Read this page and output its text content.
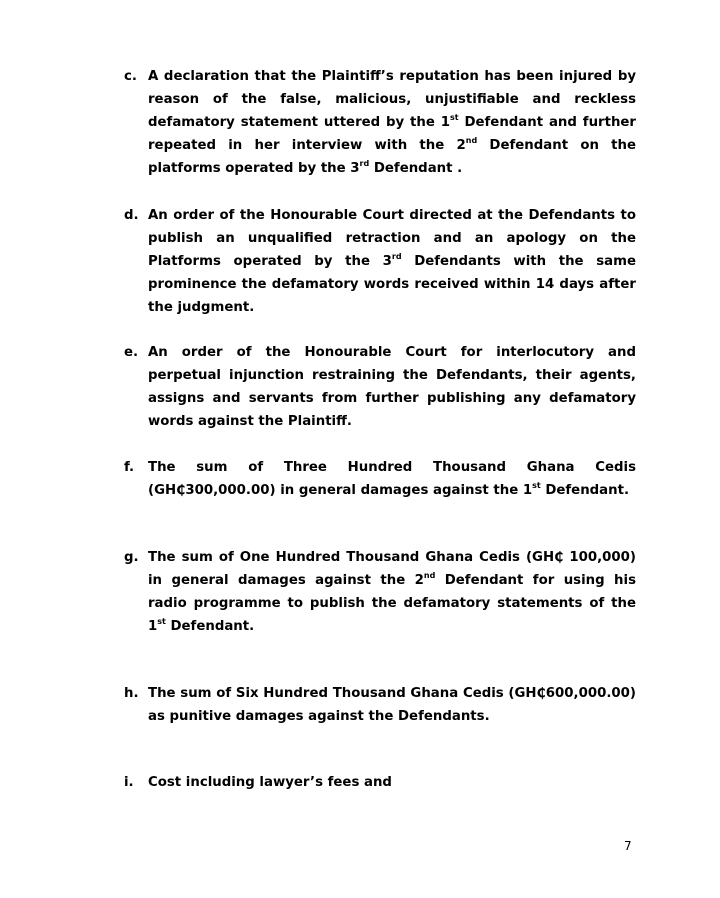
c. A declaration that the Plaintiff’s reputation has been injured by reason of the false, malicious, unjustifiable and reckless defamatory statement uttered by the 1st Defendant and further repeated in her interview with the 2nd Defendant on the platforms operated by the 3rd Defendant .

d. An order of the Honourable Court directed at the Defendants to publish an unqualified retraction and an apology on the Platforms operated by the 3rd Defendants with the same prominence the defamatory words received within 14 days after the judgment.

e. An order of the Honourable Court for interlocutory and perpetual injunction restraining the Defendants, their agents, assigns and servants from further publishing any defamatory words against the Plaintiff.

f.	The sum of Three Hundred Thousand Ghana Cedis (GH₵300,000.00) in general damages against the 1st Defendant.

g. The sum of One Hundred Thousand Ghana Cedis (GH₵ 100,000) in general damages against the 2nd Defendant for using his radio programme to publish the defamatory statements of the 1st Defendant.

h. The sum of Six Hundred Thousand Ghana Cedis (GH₵600,000.00) as punitive damages against the Defendants.

i.	Cost including lawyer’s fees and

7
